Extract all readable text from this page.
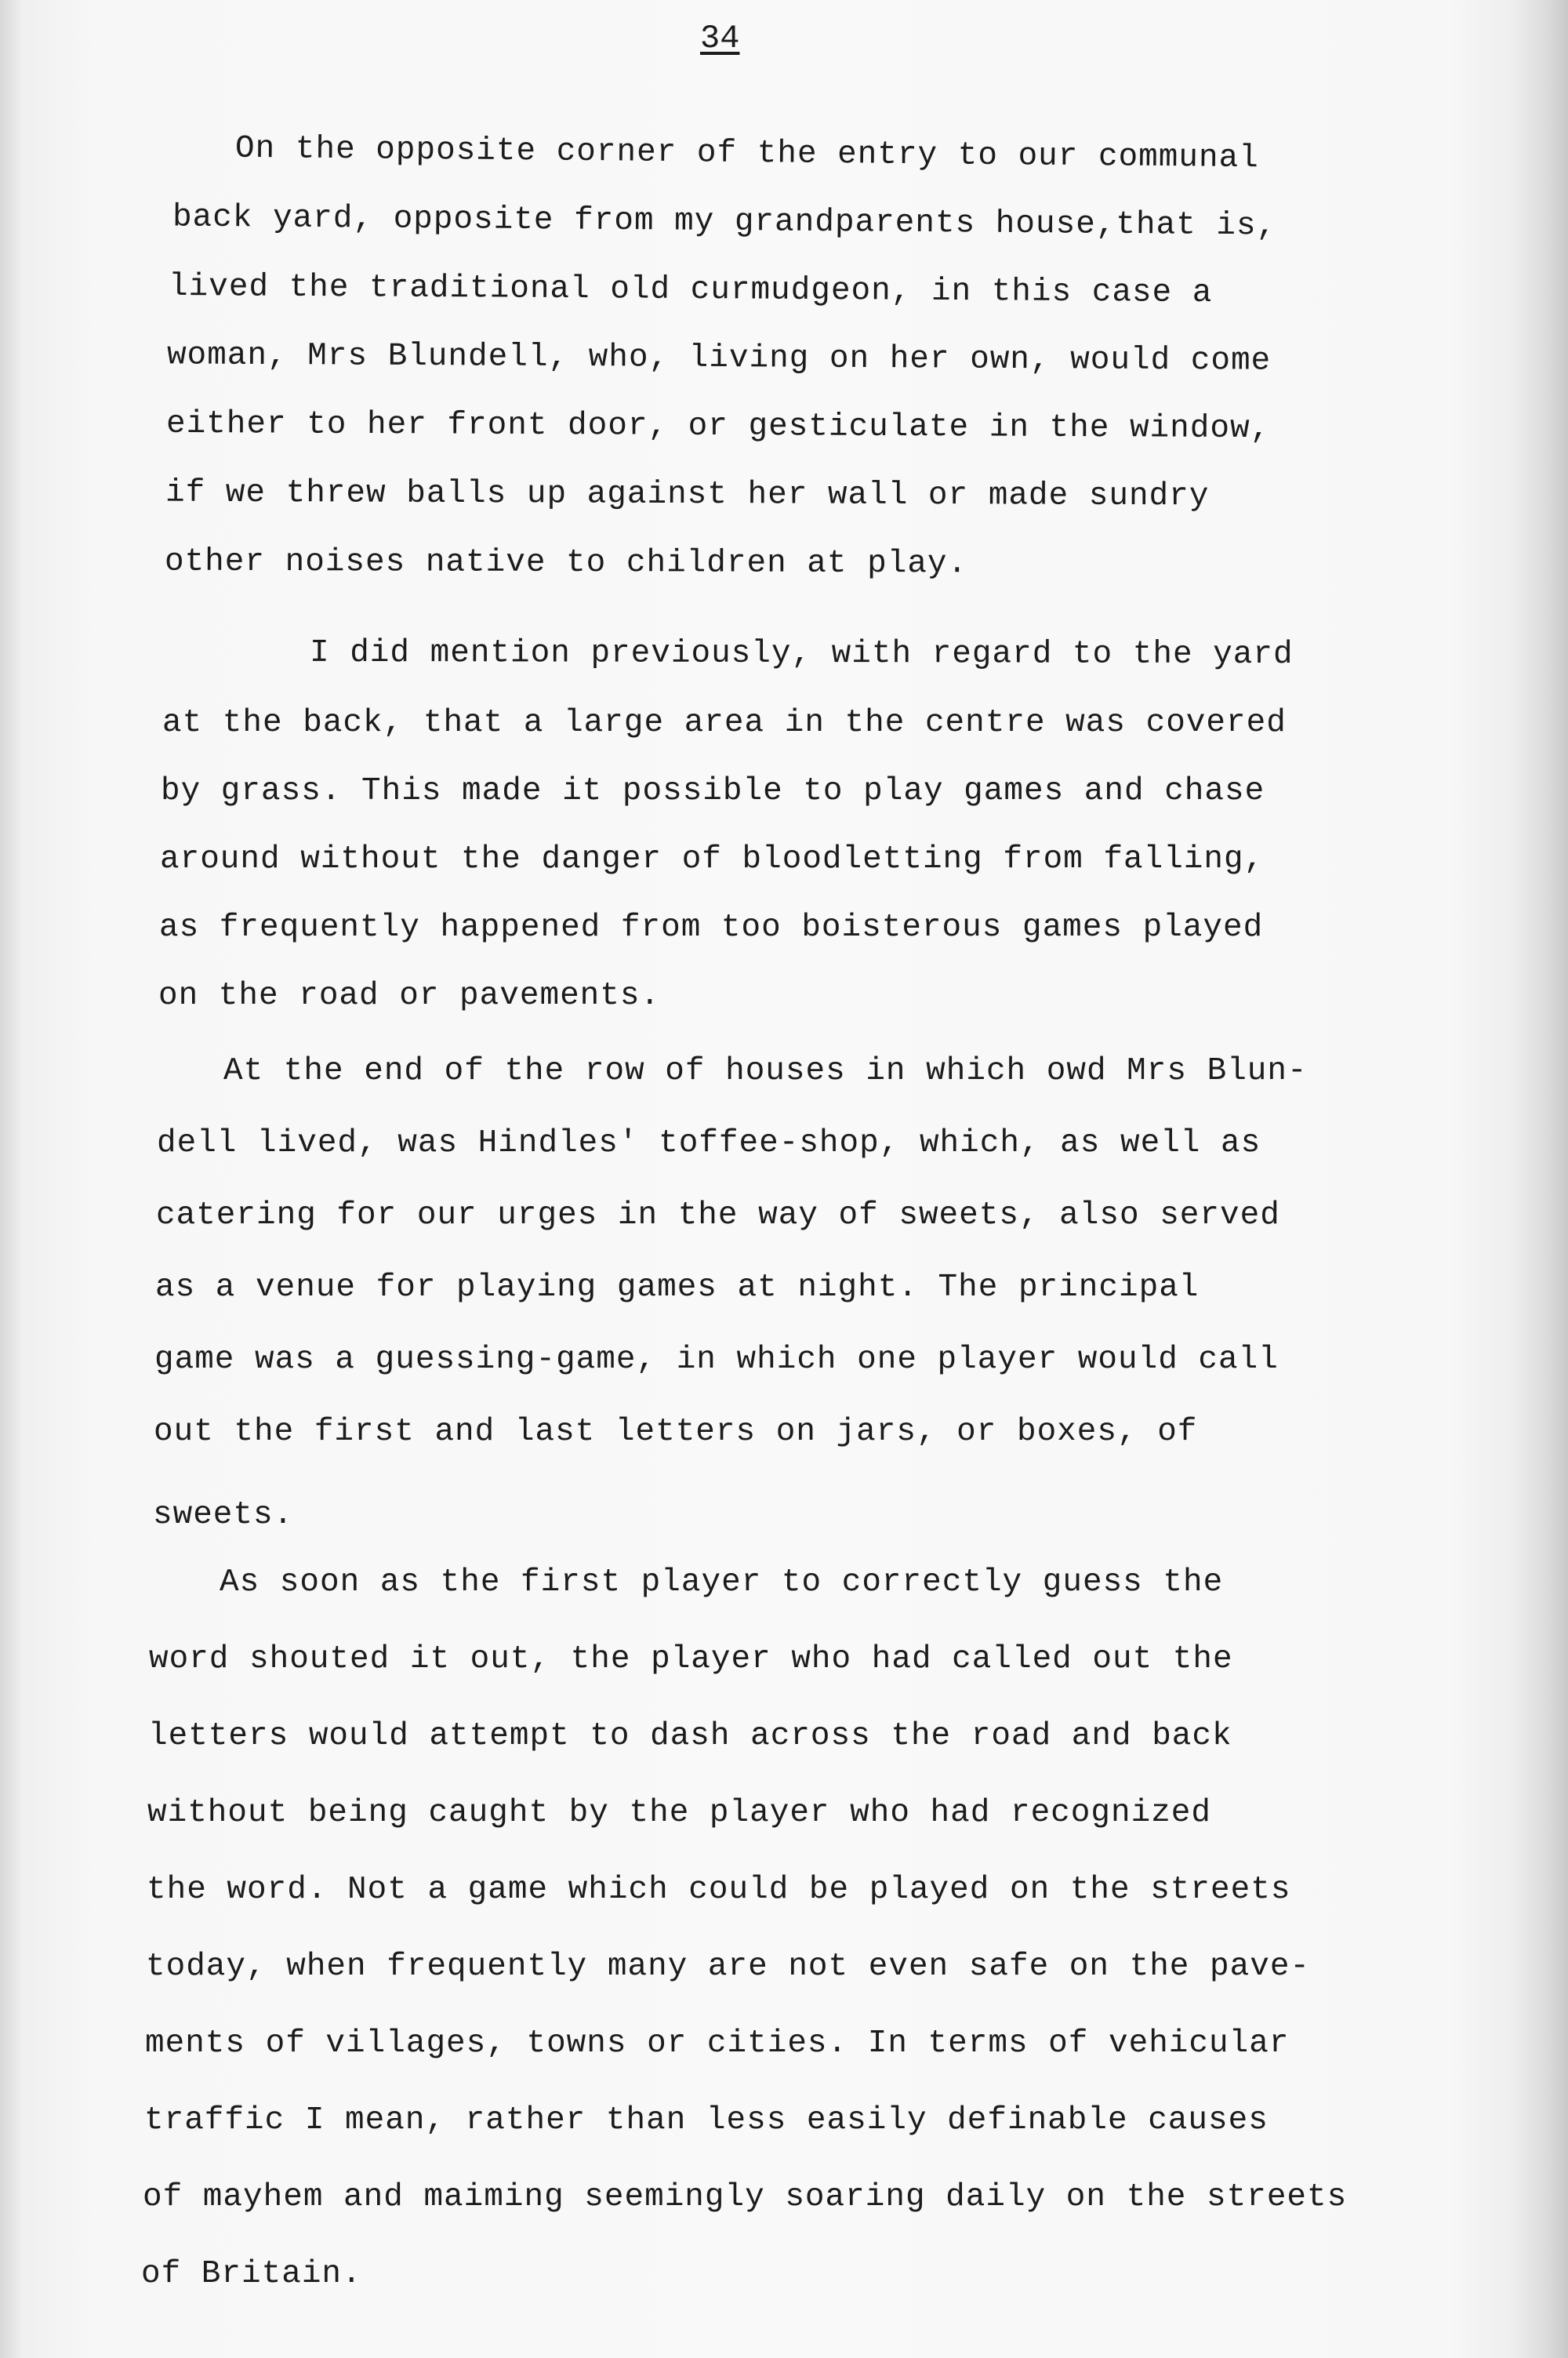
34

On the opposite corner of the entry to our communal

back yard, opposite from my grandparents house,that is,

lived the traditional old curmudgeon, in this case a

woman, Mrs Blundell, who, living on her own, would come

either to her front door, or gesticulate in the window,

if we threw balls up against her wall or made sundry

other noises native to children at play.

I did mention previously, with regard to the yard

at the back, that a large area in the centre was covered

by grass. This made it possible to play games and chase

around without the danger of bloodletting from falling,

as frequently happened from too boisterous games played

on the road or pavements.

At the end of the row of houses in which owd Mrs Blun-

dell lived, was Hindles' toffee-shop, which, as well as

catering for our urges in the way of sweets, also served

as a venue for playing games at night. The principal

game was a guessing-game, in which one player would call

out the first and last letters on jars, or boxes, of

sweets.

As soon as the first player to correctly guess the

word shouted it out, the player who had called out the

letters would attempt to dash across the road and back

without being caught by the player who had recognized

the word. Not a game which could be played on the streets

today, when frequently many are not even safe on the pave-

ments of villages, towns or cities. In terms of vehicular

traffic I mean, rather than less easily definable causes

of mayhem and maiming seemingly soaring daily on the streets

of Britain.
